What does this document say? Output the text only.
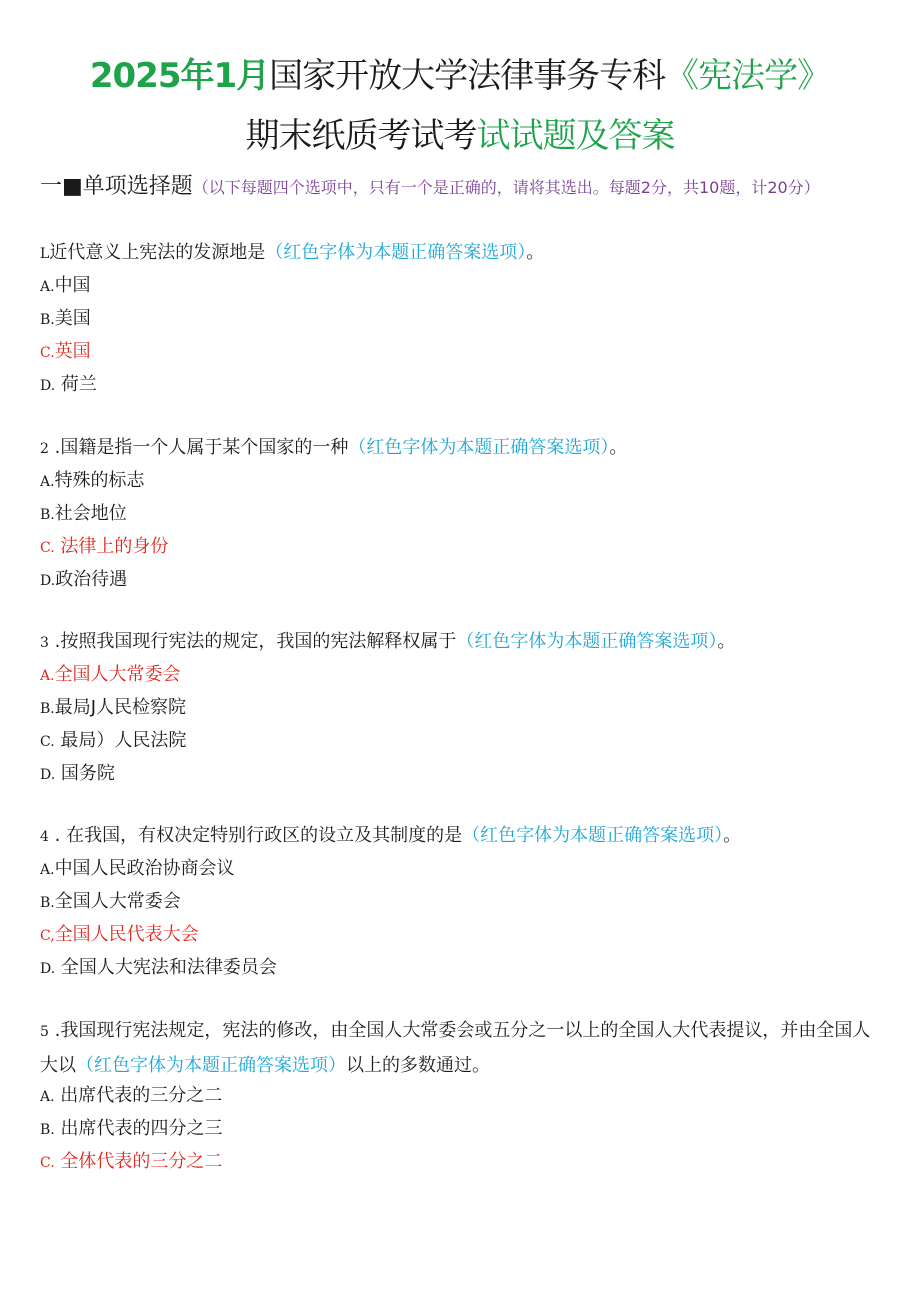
2025年1月国家开放大学法律事务专科《宪法学》
期末纸质考试考试试题及答案
一■单项选择题（以下每题四个选项中，只有一个是正确的，请将其选出。每题2分，共10题，计20分）
L近代意义上宪法的发源地是（红色字体为本题正确答案选项）。
A.中国
B.美国
C.英国
D. 荷兰
2 .国籍是指一个人属于某个国家的一种（红色字体为本题正确答案选项）。
A.特殊的标志
B.社会地位
C. 法律上的身份
D.政治待遇
3 .按照我国现行宪法的规定，我国的宪法解释权属于（红色字体为本题正确答案选项）。
A.全国人大常委会
B.最局J人民检察院
C. 最局）人民法院
D. 国务院
4 . 在我国，有权决定特别行政区的设立及其制度的是（红色字体为本题正确答案选项）。
A.中国人民政治协商会议
B.全国人大常委会
C,全国人民代表大会
D. 全国人大宪法和法律委员会
5 .我国现行宪法规定，宪法的修改，由全国人大常委会或五分之一以上的全国人大代表提议，并由全国人大以（红色字体为本题正确答案选项）以上的多数通过。
A. 出席代表的三分之二
B. 出席代表的四分之三
C. 全体代表的三分之二
